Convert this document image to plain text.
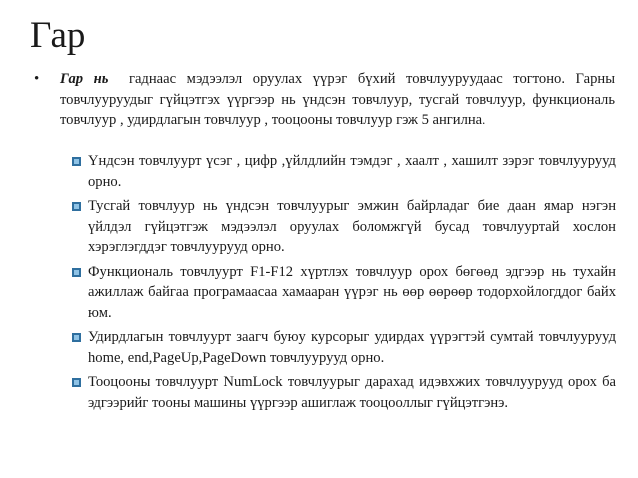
Гар
• Гар нь гаднаас мэдээлэл оруулах үүрэг бүхий товчлууруудаас тогтоно. Гарны товчлууруудыг гүйцэтгэх үүргээр нь үндсэн товчлуур, тусгай товчлуур, функциональ товчлуур , удирдлагын товчлуур , тооцооны товчлуур гэж 5 ангилна.

Үндсэн товчлуурт үсэг , цифр ,үйлдлийн тэмдэг , хаалт , хашилт зэрэг товчлуурууд орно.
Тусгай товчлуур нь үндсэн товчлуурыг эмжин байрладаг бие даан ямар нэгэн үйлдэл гүйцэтгэж мэдээлэл оруулах боломжгүй бусад товчлууртай хослон хэрэглэгддэг товчлуурууд орно.
Функциональ товчлуурт F1-F12 хүртлэх товчлуур орох бөгөөд эдгээр нь тухайн ажиллаж байгаа програмаасаа хамааран үүрэг нь өөр өөрөөр тодорхойлогддог байх юм.
Удирдлагын товчлуурт заагч буюу курсорыг удирдах үүрэгтэй сумтай товчлуурууд home, end,PageUp,PageDown товчлуурууд орно.
Тооцооны товчлуурт NumLock товчлуурыг дарахад идэвхжих товчлуурууд орох ба эдгээрийг тооны машины үүргээр ашиглаж тооцооллыг гүйцэтгэнэ.
